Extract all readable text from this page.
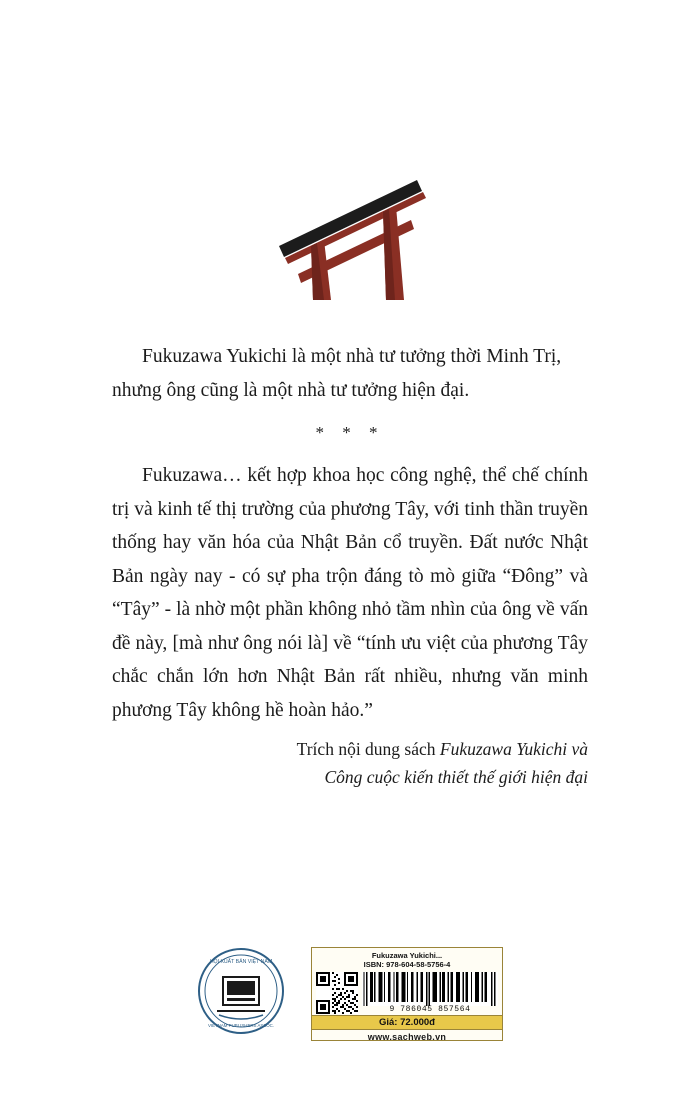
Fukuzawa Yukichi là một nhà tư tưởng thời Minh Trị, nhưng ông cũng là một nhà tư tưởng hiện đại.

* * *

Fukuzawa… kết hợp khoa học công nghệ, thể chế chính trị và kinh tế thị trường của phương Tây, với tinh thần truyền thống hay văn hóa của Nhật Bản cổ truyền. Đất nước Nhật Bản ngày nay - có sự pha trộn đáng tò mò giữa “Đông” và “Tây” - là nhờ một phần không nhỏ tầm nhìn của ông về vấn đề này, [mà như ông nói là] về “tính ưu việt của phương Tây chắc chắn lớn hơn Nhật Bản rất nhiều, nhưng văn minh phương Tây không hề hoàn hảo.”

Trích nội dung sách Fukuzawa Yukichi và
Công cuộc kiến thiết thế giới hiện đại
HỘI XUẤT BẢN VIỆT NAM
VIETNAM PUBLISHERS ASSOC.
Fukuzawa Yukichi...
ISBN: 978-604-58-5756-4
9 786045 857564
Giá: 72.000đ
www.sachweb.vn
